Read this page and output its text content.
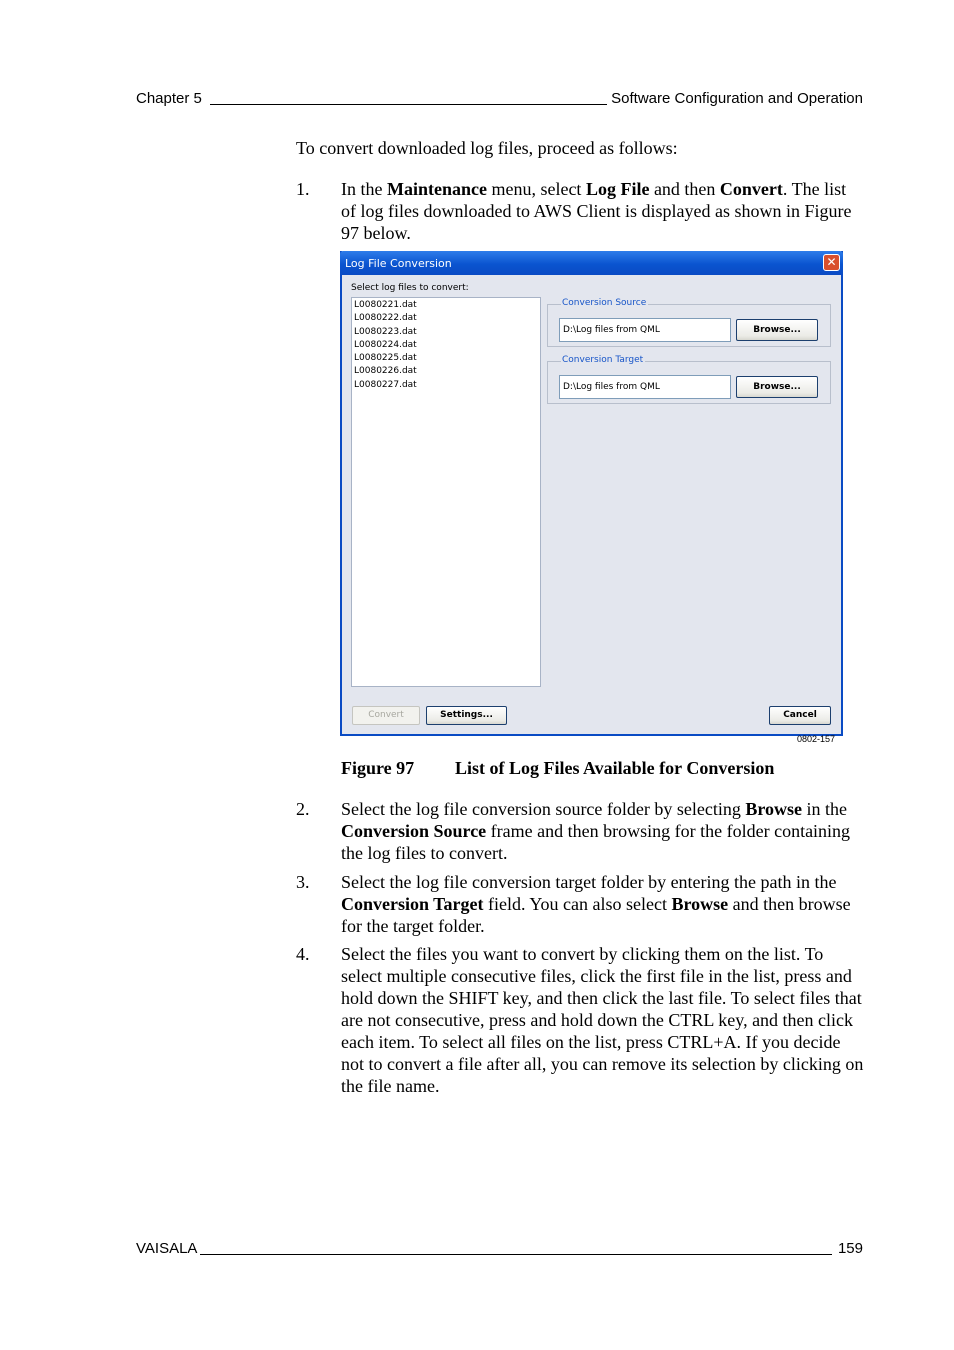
Chapter 5	Software Configuration and Operation

To convert downloaded log files, proceed as follows:

1. In the Maintenance menu, select Log File and then Convert. The list of log files downloaded to AWS Client is displayed as shown in Figure 97 below.
Log File Conversion	✕
Select log files to convert:
L0080221.dat
L0080222.dat
L0080223.dat
L0080224.dat
L0080225.dat
L0080226.dat
L0080227.dat
Conversion Source
D:\Log files from QML
Browse...
Conversion Target
D:\Log files from QML
Browse...
Convert	Settings...	Cancel
0802-157
Figure 97 List of Log Files Available for Conversion
2. Select the log file conversion source folder by selecting Browse in the Conversion Source frame and then browsing for the folder containing the log files to convert.
3. Select the log file conversion target folder by entering the path in the Conversion Target field. You can also select Browse and then browse for the target folder.
4. Select the files you want to convert by clicking them on the list. To select multiple consecutive files, click the first file in the list, press and hold down the SHIFT key, and then click the last file. To select files that are not consecutive, press and hold down the CTRL key, and then click each item. To select all files on the list, press CTRL+A. If you decide not to convert a file after all, you can remove its selection by clicking on the file name.
VAISALA	159
